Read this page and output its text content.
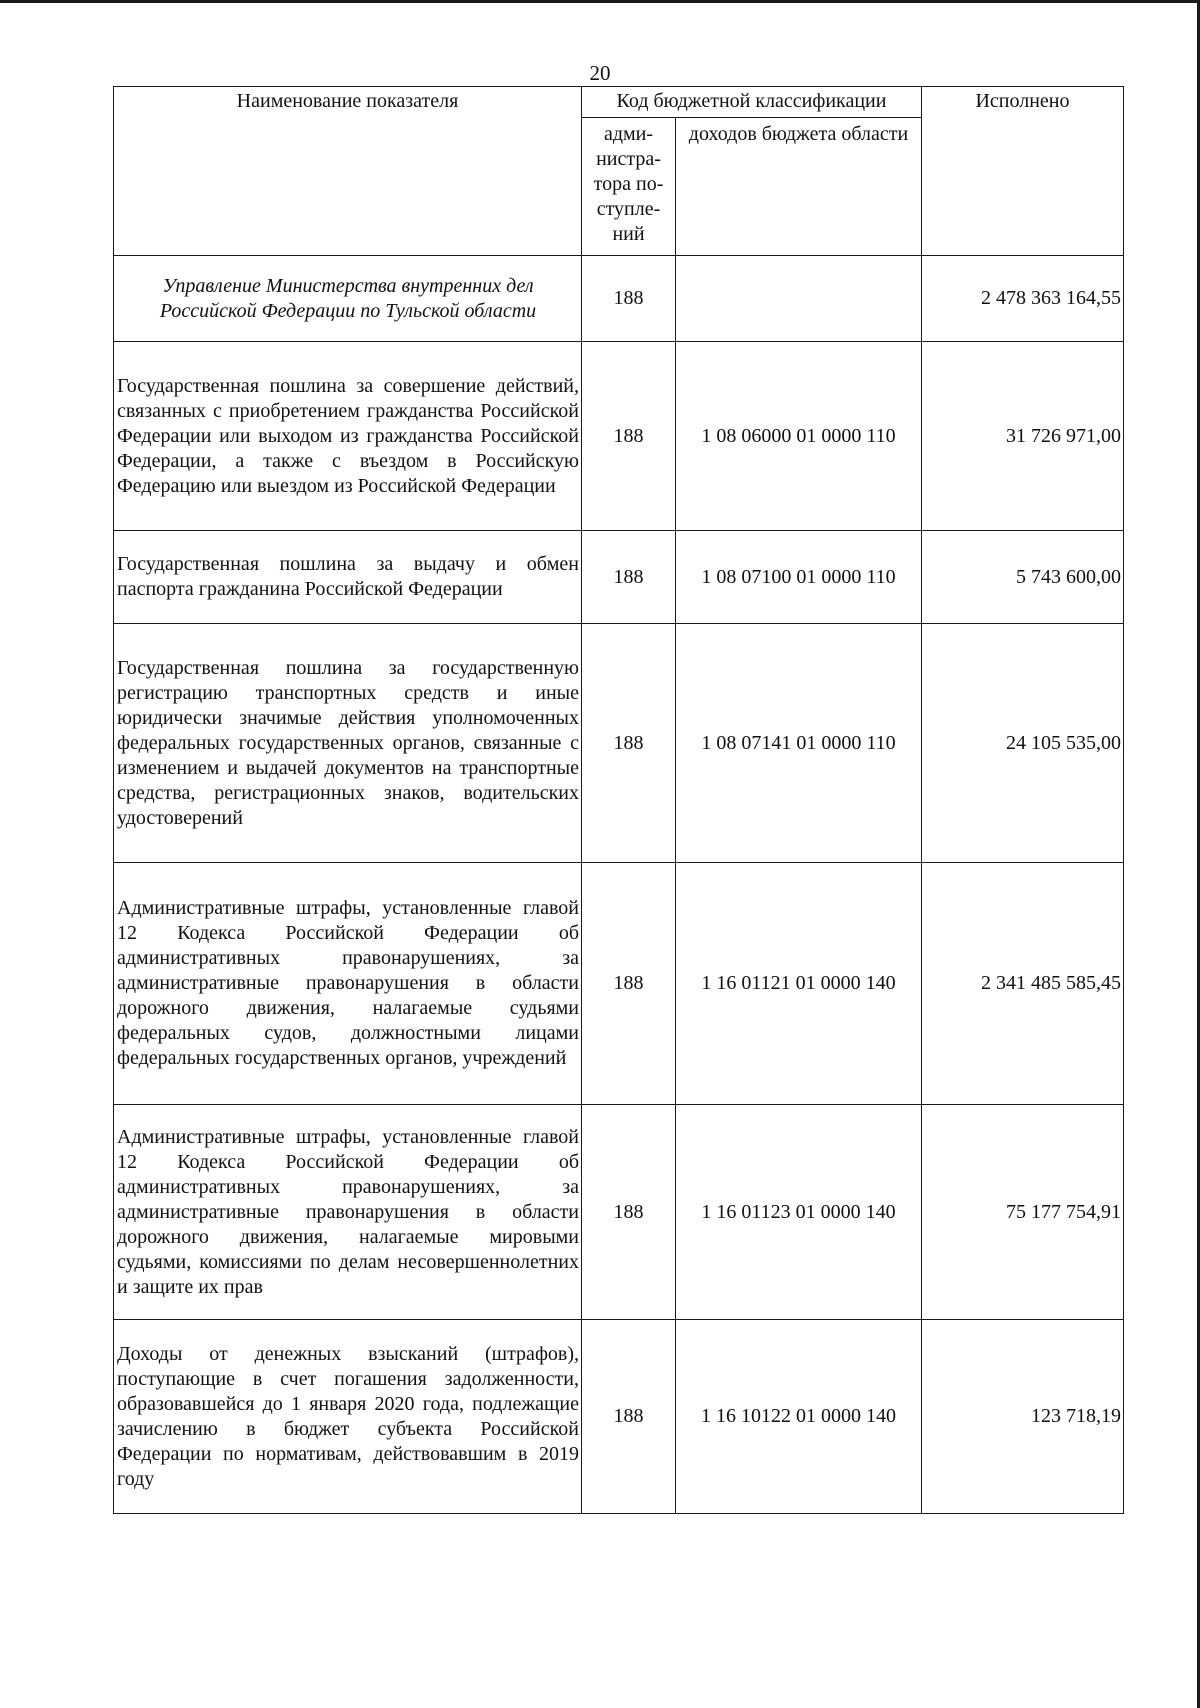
20
Наименование показателя	Код бюджетной классификации		Исполнено
	адми-нистра-тора по-ступле-ний	доходов бюджета области	
Управление Министерства внутренних дел Российской Федерации по Тульской области	188		2 478 363 164,55
Государственная пошлина за совершение действий, связанных с приобретением гражданства Российской Федерации или выходом из гражданства Российской Федерации, а также с въездом в Российскую Федерацию или выездом из Российской Федерации	188	1 08 06000 01 0000 110	31 726 971,00
Государственная пошлина за выдачу и обмен паспорта гражданина Российской Федерации	188	1 08 07100 01 0000 110	5 743 600,00
Государственная пошлина за государственную регистрацию транспортных средств и иные юридически значимые действия уполномоченных федеральных государственных органов, связанные с изменением и выдачей документов на транспортные средства, регистрационных знаков, водительских удостоверений	188	1 08 07141 01 0000 110	24 105 535,00
Административные штрафы, установленные главой 12 Кодекса Российской Федерации об административных правонарушениях, за административные правонарушения в области дорожного движения, налагаемые судьями федеральных судов, должностными лицами федеральных государственных органов, учреждений	188	1 16 01121 01 0000 140	2 341 485 585,45
Административные штрафы, установленные главой 12 Кодекса Российской Федерации об административных правонарушениях, за административные правонарушения в области дорожного движения, налагаемые мировыми судьями, комиссиями по делам несовершеннолетних и защите их прав	188	1 16 01123 01 0000 140	75 177 754,91
Доходы от денежных взысканий (штрафов), поступающие в счет погашения задолженности, образовавшейся до 1 января 2020 года, подлежащие зачислению в бюджет субъекта Российской Федерации по нормативам, действовавшим в 2019 году	188	1 16 10122 01 0000 140	123 718,19
